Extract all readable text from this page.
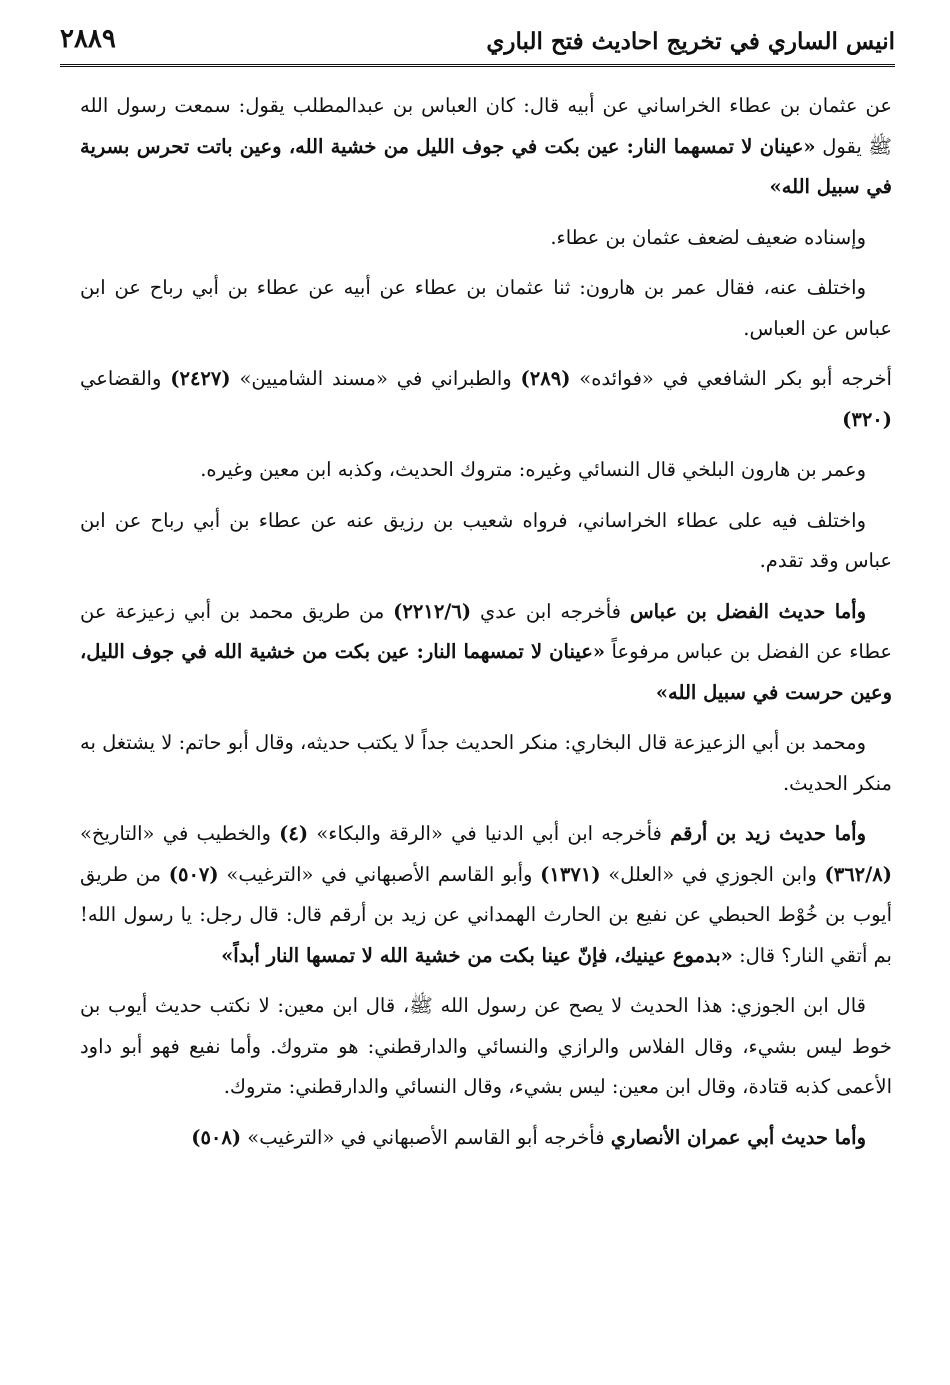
انيس الساري في تخريج احاديث فتح الباري
٢٨٨٩

عن عثمان بن عطاء الخراساني عن أبيه قال: كان العباس بن عبدالمطلب يقول: سمعت رسول الله ﷺ يقول «عينان لا تمسهما النار: عين بكت في جوف الليل من خشية الله، وعين باتت تحرس بسرية في سبيل الله»

وإسناده ضعيف لضعف عثمان بن عطاء.

واختلف عنه، فقال عمر بن هارون: ثنا عثمان بن عطاء عن أبيه عن عطاء بن أبي رباح عن ابن عباس عن العباس.

أخرجه أبو بكر الشافعي في «فوائده» (٢٨٩) والطبراني في «مسند الشاميين» (٢٤٢٧) والقضاعي (٣٢٠)

وعمر بن هارون البلخي قال النسائي وغيره: متروك الحديث، وكذبه ابن معين وغيره.

واختلف فيه على عطاء الخراساني، فرواه شعيب بن رزيق عنه عن عطاء بن أبي رباح عن ابن عباس وقد تقدم.

وأما حديث الفضل بن عباس فأخرجه ابن عدي (٢٢١٢/٦) من طريق محمد بن أبي زعيزعة عن عطاء عن الفضل بن عباس مرفوعاً «عينان لا تمسهما النار: عين بكت من خشية الله في جوف الليل، وعين حرست في سبيل الله»

ومحمد بن أبي الزعيزعة قال البخاري: منكر الحديث جداً لا يكتب حديثه، وقال أبو حاتم: لا يشتغل به منكر الحديث.

وأما حديث زيد بن أرقم فأخرجه ابن أبي الدنيا في «الرقة والبكاء» (٤) والخطيب في «التاريخ» (٣٦٢/٨) وابن الجوزي في «العلل» (١٣٧١) وأبو القاسم الأصبهاني في «الترغيب» (٥٠٧) من طريق أيوب بن خُوْط الحبطي عن نفيع بن الحارث الهمداني عن زيد بن أرقم قال: قال رجل: يا رسول الله! بم أتقي النار؟ قال: «بدموع عينيك، فإنّ عينا بكت من خشية الله لا تمسها النار أبداً»

قال ابن الجوزي: هذا الحديث لا يصح عن رسول الله ﷺ، قال ابن معين: لا نكتب حديث أيوب بن خوط ليس بشيء، وقال الفلاس والرازي والنسائي والدارقطني: هو متروك. وأما نفيع فهو أبو داود الأعمى كذبه قتادة، وقال ابن معين: ليس بشيء، وقال النسائي والدارقطني: متروك.

وأما حديث أبي عمران الأنصاري فأخرجه أبو القاسم الأصبهاني في «الترغيب» (٥٠٨)
